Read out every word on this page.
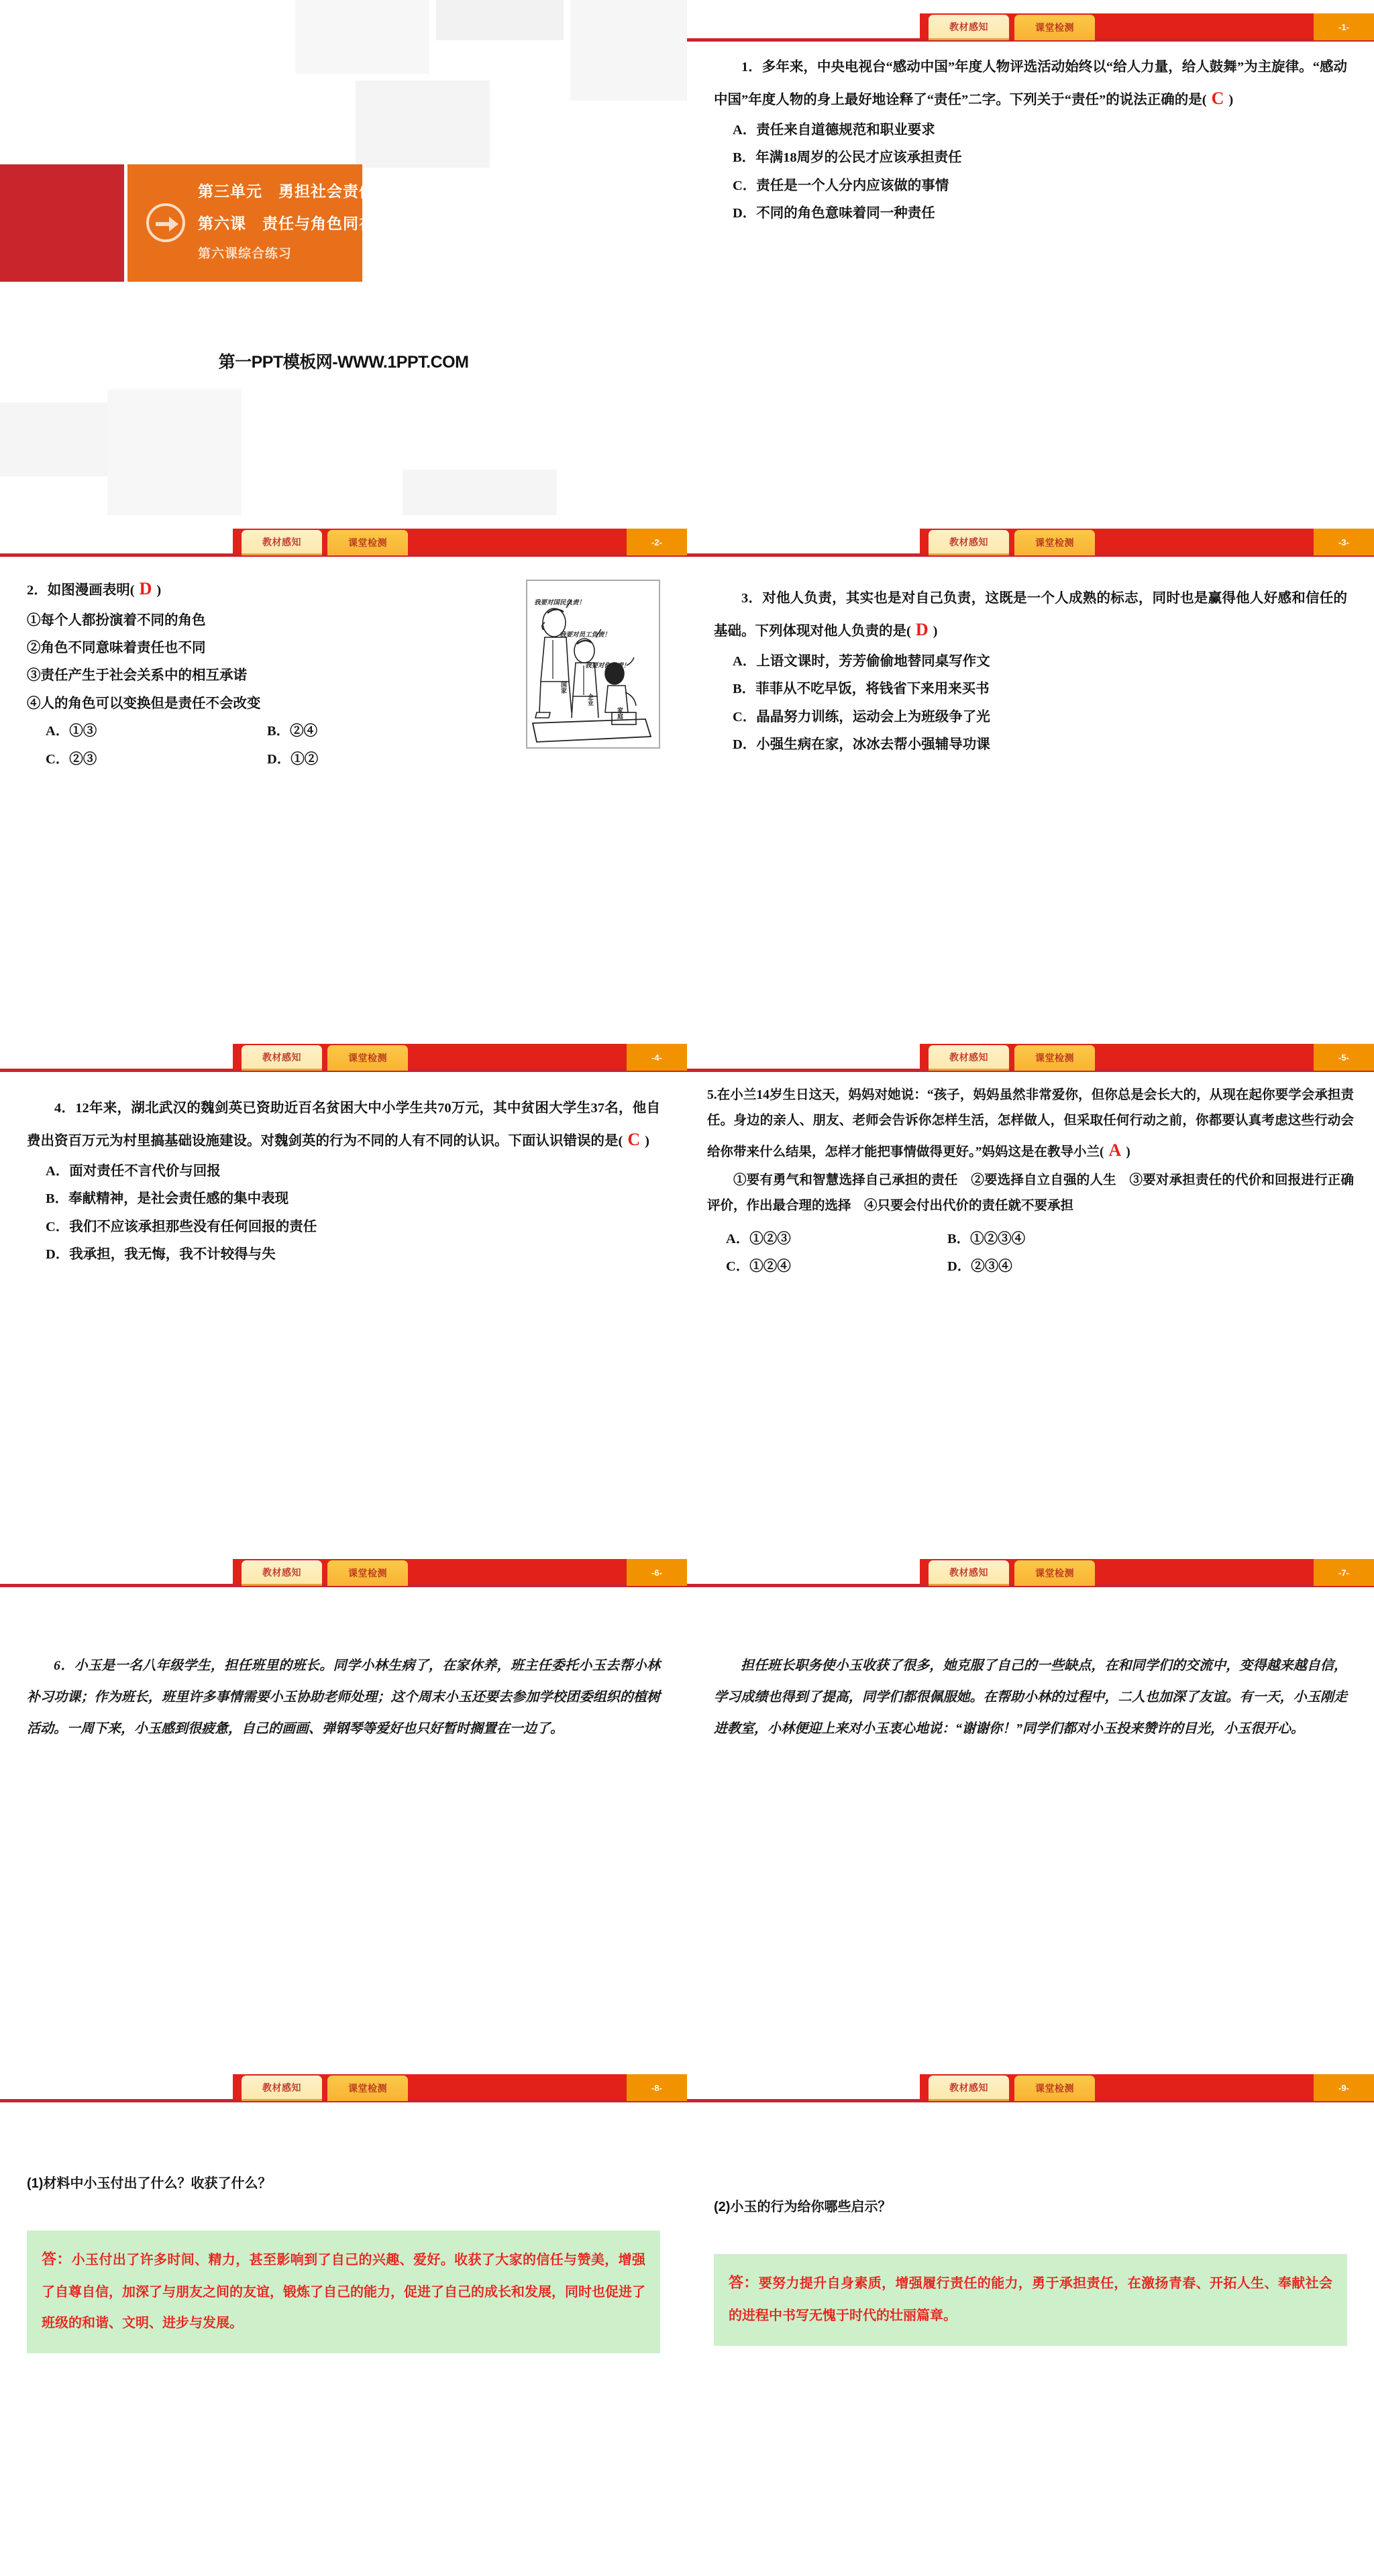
第三单元　勇担社会责任
第六课　责任与角色同在
第六课综合练习
第一PPT模板网-WWW.1PPT.COM
教材感知	课堂检测	-1-
1．多年来，中央电视台“感动中国”年度人物评选活动始终以“给人力量，给人鼓舞”为主旋律。“感动中国”年度人物的身上最好地诠释了“责任”二字。下列关于“责任”的说法正确的是( C )
A．责任来自道德规范和职业要求
B．年满18周岁的公民才应该承担责任
C．责任是一个人分内应该做的事情
D．不同的角色意味着同一种责任
教材感知	课堂检测	-2-
2．如图漫画表明( D )
①每个人都扮演着不同的角色
②角色不同意味着责任也不同
③责任产生于社会关系中的相互承诺
④人的角色可以变换但是责任不会改变
A．①③	B．②④
C．②③	D．①②
我要对国民负责！
我要对员工负责！
我要对你负责！
国家
企业
家庭
教材感知	课堂检测	-3-
3．对他人负责，其实也是对自己负责，这既是一个人成熟的标志，同时也是赢得他人好感和信任的基础。下列体现对他人负责的是( D )
A．上语文课时，芳芳偷偷地替同桌写作文
B．菲菲从不吃早饭，将钱省下来用来买书
C．晶晶努力训练，运动会上为班级争了光
D．小强生病在家，冰冰去帮小强辅导功课
教材感知	课堂检测	-4-
4．12年来，湖北武汉的魏剑英已资助近百名贫困大中小学生共70万元，其中贫困大学生37名，他自费出资百万元为村里搞基础设施建设。对魏剑英的行为不同的人有不同的认识。下面认识错误的是( C )
A．面对责任不言代价与回报
B．奉献精神，是社会责任感的集中表现
C．我们不应该承担那些没有任何回报的责任
D．我承担，我无悔，我不计较得与失
教材感知	课堂检测	-5-
5.在小兰14岁生日这天，妈妈对她说：“孩子，妈妈虽然非常爱你，但你总是会长大的，从现在起你要学会承担责任。身边的亲人、朋友、老师会告诉你怎样生活，怎样做人，但采取任何行动之前，你都要认真考虑这些行动会给你带来什么结果，怎样才能把事情做得更好。”妈妈这是在教导小兰( A )
①要有勇气和智慧选择自己承担的责任　②要选择自立自强的人生　③要对承担责任的代价和回报进行正确评价，作出最合理的选择　④只要会付出代价的责任就不要承担
A．①②③	B．①②③④
C．①②④	D．②③④
教材感知	课堂检测	-6-
6．小玉是一名八年级学生，担任班里的班长。同学小林生病了，在家休养，班主任委托小玉去帮小林补习功课；作为班长，班里许多事情需要小玉协助老师处理；这个周末小玉还要去参加学校团委组织的植树活动。一周下来，小玉感到很疲惫，自己的画画、弹钢琴等爱好也只好暂时搁置在一边了。
教材感知	课堂检测	-7-
担任班长职务使小玉收获了很多，她克服了自己的一些缺点，在和同学们的交流中，变得越来越自信，学习成绩也得到了提高，同学们都很佩服她。在帮助小林的过程中，二人也加深了友谊。有一天，小玉刚走进教室，小林便迎上来对小玉衷心地说：“谢谢你！”同学们都对小玉投来赞许的目光，小玉很开心。
教材感知	课堂检测	-8-
(1)材料中小玉付出了什么？收获了什么？
答：小玉付出了许多时间、精力，甚至影响到了自己的兴趣、爱好。收获了大家的信任与赞美，增强了自尊自信，加深了与朋友之间的友谊，锻炼了自己的能力，促进了自己的成长和发展，同时也促进了班级的和谐、文明、进步与发展。
教材感知	课堂检测	-9-
(2)小玉的行为给你哪些启示？
答：要努力提升自身素质，增强履行责任的能力，勇于承担责任，在激扬青春、开拓人生、奉献社会的进程中书写无愧于时代的壮丽篇章。
